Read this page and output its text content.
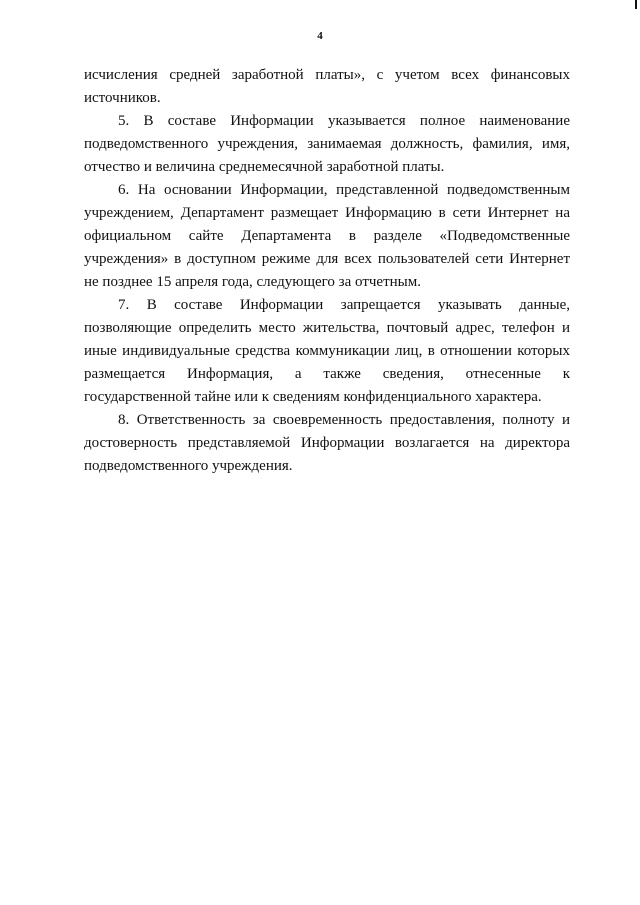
4

исчисления средней заработной платы», с учетом всех финансовых источников.

5. В составе Информации указывается полное наименование подведомственного учреждения, занимаемая должность, фамилия, имя, отчество и величина среднемесячной заработной платы.

6. На основании Информации, представленной подведомственным учреждением, Департамент размещает Информацию в сети Интернет на официальном сайте Департамента в разделе «Подведомственные учреждения» в доступном режиме для всех пользователей сети Интернет не позднее 15 апреля года, следующего за отчетным.

7. В составе Информации запрещается указывать данные, позволяющие определить место жительства, почтовый адрес, телефон и иные индивидуальные средства коммуникации лиц, в отношении которых размещается Информация, а также сведения, отнесенные к государственной тайне или к сведениям конфиденциального характера.

8. Ответственность за своевременность предоставления, полноту и достоверность представляемой Информации возлагается на директора подведомственного учреждения.
